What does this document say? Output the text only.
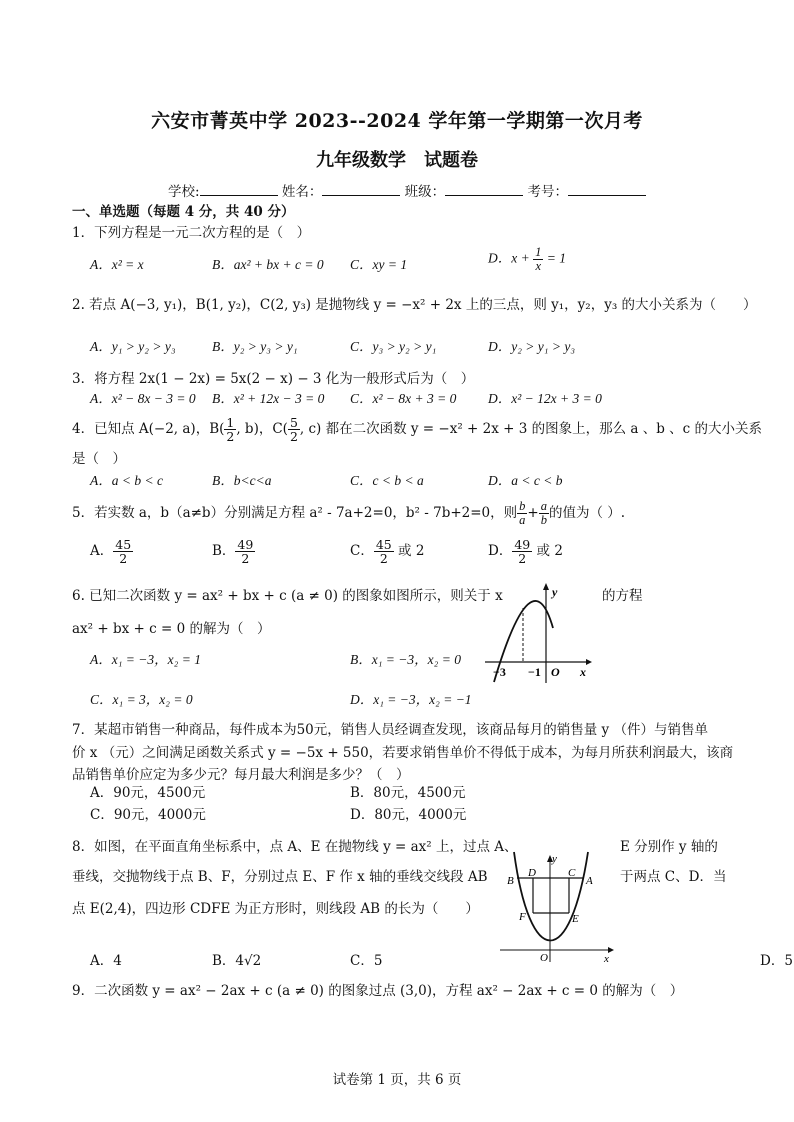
六安市菁英中学 2023--2024 学年第一学期第一次月考
九年级数学　试题卷
学校:	姓名：	班级：	考号：
一、单选题（每题 4 分，共 40 分）
1．下列方程是一元二次方程的是（　）
A．x² = x	B．ax² + bx + c = 0 C．xy = 1	D．$x + \frac{1}{x} = 1$
2. 若点 A(−3, y₁)，B(1, y₂)，C(2, y₃) 是抛物线 y = −x² + 2x 上的三点，则 y₁，y₂，y₃ 的大小关系为（　　）
A．y₁ > y₂ > y₃	B．y₂ > y₃ > y₁	C．y₃ > y₂ > y₁	D．y₂ > y₁ > y₃
3．将方程 2x(1 − 2x) = 5x(2 − x) − 3 化为一般形式后为（　）
A．x² − 8x − 3 = 0 B．x² + 12x − 3 = 0 C．x² − 8x + 3 = 0 D．x² − 12x + 3 = 0
4．已知点 A(−2, a)，$B( \frac{1}{2}$ , b)，$C( \frac{5}{2}$ , c) 都在二次函数 y = −x² + 2x + 3 的图象上，那么 a 、b 、c 的大小关系
是（　）
A．a < b < c	B．b<c<a	C．c < b < a	D．a < c < b
5．若实数 a，b（a≠b）分别满足方程 a² - 7a+2=0，b² - 7b+2=0，则 $\frac{b}{a} + \frac{a}{b}$ 的值为（ ）.
A． $\frac{45}{2}$	B． $\frac{49}{2}$	C． $\frac{45}{2}$ 或 2	D． $\frac{49}{2}$ 或 2
6. 已知二次函数 y = ax² + bx + c (a ≠ 0) 的图象如图所示，则关于 x	的方程
ax² + bx + c = 0 的解为（　）
A．x₁ = −3，x₂ = 1	B．x₁ = −3，x₂ = 0
C．x₁ = 3，x₂ = 0	D．x₁ = −3，x₂ = −1
y
x
O
−3 −1
7．某超市销售一种商品，每件成本为50元，销售人员经调查发现，该商品每月的销售量 y （件）与销售单
价 x （元）之间满足函数关系式 y = −5x + 550，若要求销售单价不得低于成本，为每月所获利润最大，该商
品销售单价应定为多少元？每月最大利润是多少？（　）
A．90元，4500元	B．80元，4500元
C．90元，4000元	D．80元，4000元
8．如图，在平面直角坐标系中，点 A、E 在抛物线 y = ax² 上，过点 A、	E 分别作 y 轴的
垂线，交抛物线于点 B、F，分别过点 E、F 作 x 轴的垂线交线段 AB	于两点 C、D．当
点 E(2,4)，四边形 CDFE 为正方形时，则线段 AB 的长为（　　）
A．4	B．4√2	C．5	D．5
y
x
O
A
B
C
D
E
F
9．二次函数 y = ax² − 2ax + c (a ≠ 0) 的图象过点 (3,0)，方程 ax² − 2ax + c = 0 的解为（　）
试卷第 1 页，共 6 页
